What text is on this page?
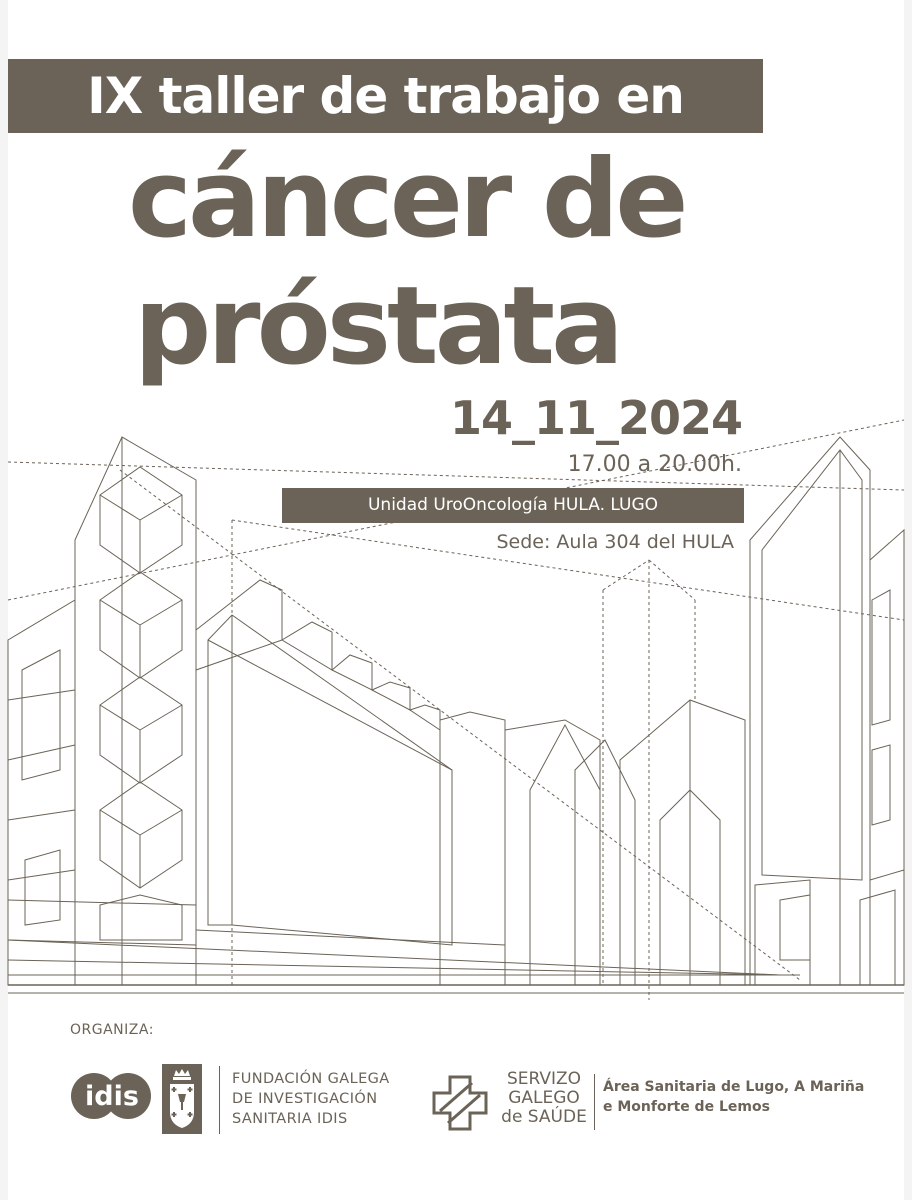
IX taller de trabajo en
cáncer de
próstata
14_11_2024
17.00 a 20.00h.
Unidad UroOncología HULA. LUGO
Sede: Aula 304 del HULA
ORGANIZA:
idis
FUNDACIÓN GALEGA
DE INVESTIGACIÓN
SANITARIA IDIS
SERVIZO
GALEGO
de SAÚDE
Área Sanitaria de Lugo, A Mariña
e Monforte de Lemos
